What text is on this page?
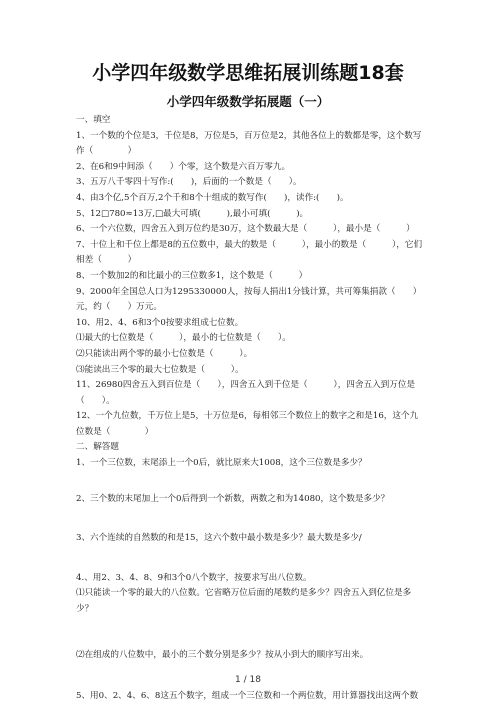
小学四年级数学思维拓展训练题18套
小学四年级数学拓展题（一）
一、填空
1、一个数的个位是3，千位是8，万位是5，百万位是2，其他各位上的数都是零，这个数写作（　　　　）
2、在6和9中间添（　　）个零，这个数是六百万零九。
3、五万八千零四十写作:(　　)，后面的一个数是（　　）。
4、由3个亿,5个百万,2个千和8个十组成的数写作(　　)，读作:(　　)。
5、12□780≈13万,□最大可填(　　　),最小可填(　　　)。
6、一个六位数，四舍五入到万位约是30万，这个数最大是（　　　），最小是（　　　）
7、十位上和千位上都是8的五位数中，最大的数是（　　　），最小的数是（　　　），它们相差（　　　）
8、一个数加2的和比最小的三位数多1，这个数是（　　　）
9、2000年全国总人口为1295330000人，按每人捐出1分钱计算，共可筹集捐款（　　）元，约（　　）万元。
10、用2、4、6和3个0按要求组成七位数。
⑴最大的七位数是（　　　），最小的七位数是（　　）。
⑵只能读出两个零的最小七位数是（　　　）。
⑶能读出三个零的最大七位数是（　　　）。
11、26980四舍五入到百位是（　　），四舍五入到千位是（　　　），四舍五入到万位是（　　）。
12、一个九位数，千万位上是5，十万位是6，每相邻三个数位上的数字之和是16，这个九位数是（　　　　）
二、解答题
1、一个三位数，末尾添上一个0后，就比原来大1008，这个三位数是多少？
2、三个数的末尾加上一个0后得到一个新数，两数之和为14080，这个数是多少？
3、六个连续的自然数的和是15，这六个数中最小数是多少？最大数是多少/
4.、用2、3、4、8、9和3个0八个数字，按要求写出八位数。
⑴只能读一个零的最大的八位数。它省略万位后面的尾数约是多少？四舍五入到亿位是多少？
⑵在组成的八位数中，最小的三个数分别是多少？按从小到大的顺序写出来。
5、用0、2、4、6、8这五个数字，组成一个三位数和一个两位数，用计算器找出这两个数
1 / 18
